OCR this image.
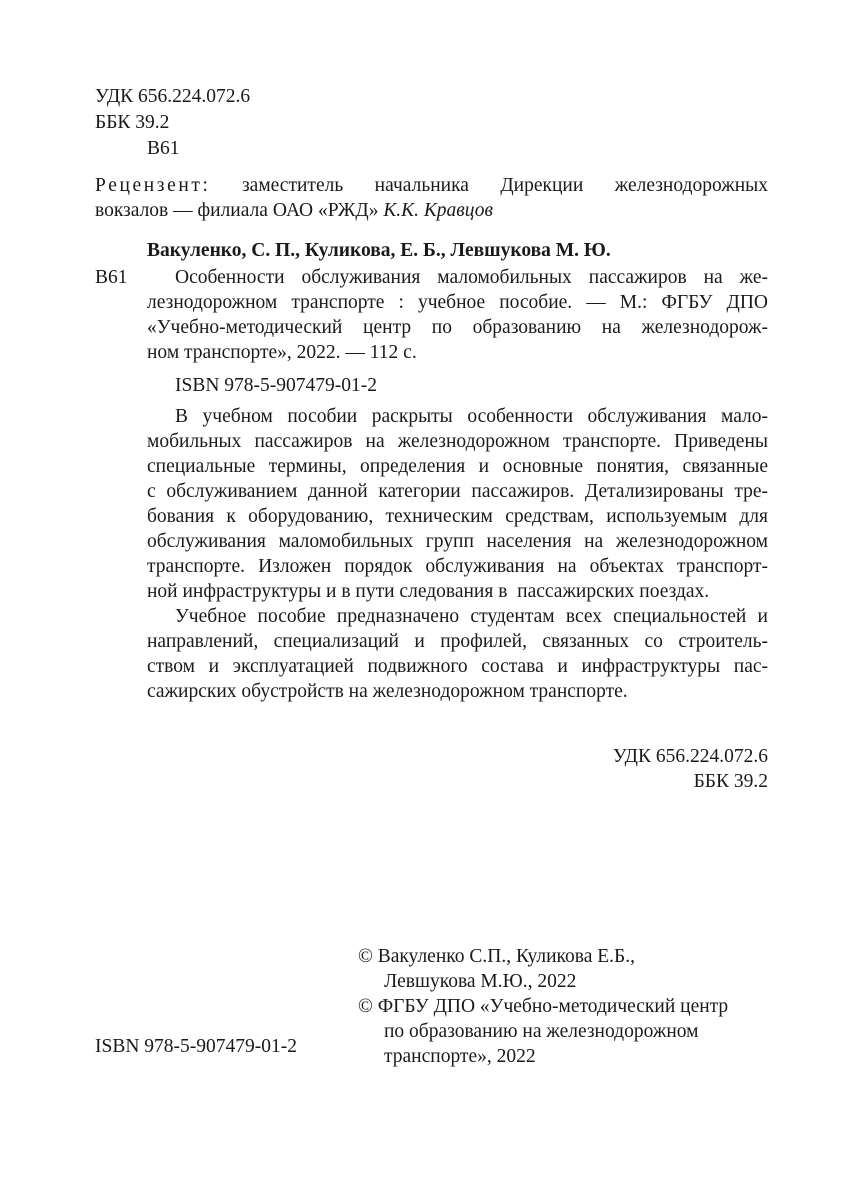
УДК 656.224.072.6
ББК 39.2
В61
Рецензент: заместитель начальника Дирекции железнодорожных
вокзалов — филиала ОАО «РЖД» К.К. Кравцов
Вакуленко, С. П., Куликова, Е. Б., Левшукова М. Ю.
В61 Особенности обслуживания маломобильных пассажиров на же-
лезнодорожном транспорте : учебное пособие. — М.: ФГБУ ДПО
«Учебно-методический центр по образованию на железнодорож-
ном транспорте», 2022. — 112 с.
ISBN 978-5-907479-01-2
В учебном пособии раскрыты особенности обслуживания мало-
мобильных пассажиров на железнодорожном транспорте. Приведены
специальные термины, определения и основные понятия, связанные
с обслуживанием данной категории пассажиров. Детализированы тре-
бования к оборудованию, техническим средствам, используемым для
обслуживания маломобильных групп населения на железнодорожном
транспорте. Изложен порядок обслуживания на объектах транспорт-
ной инфраструктуры и в пути следования в  пассажирских поездах.
Учебное пособие предназначено студентам всех специальностей и
направлений, специализаций и профилей, связанных со строитель-
ством и эксплуатацией подвижного состава и инфраструктуры пас-
сажирских обустройств на железнодорожном транспорте.
УДК 656.224.072.6
ББК 39.2
© Вакуленко С.П., Куликова Е.Б.,
Левшукова М.Ю., 2022
© ФГБУ ДПО «Учебно-методический центр
по образованию на железнодорожном
транспорте», 2022
ISBN 978-5-907479-01-2
